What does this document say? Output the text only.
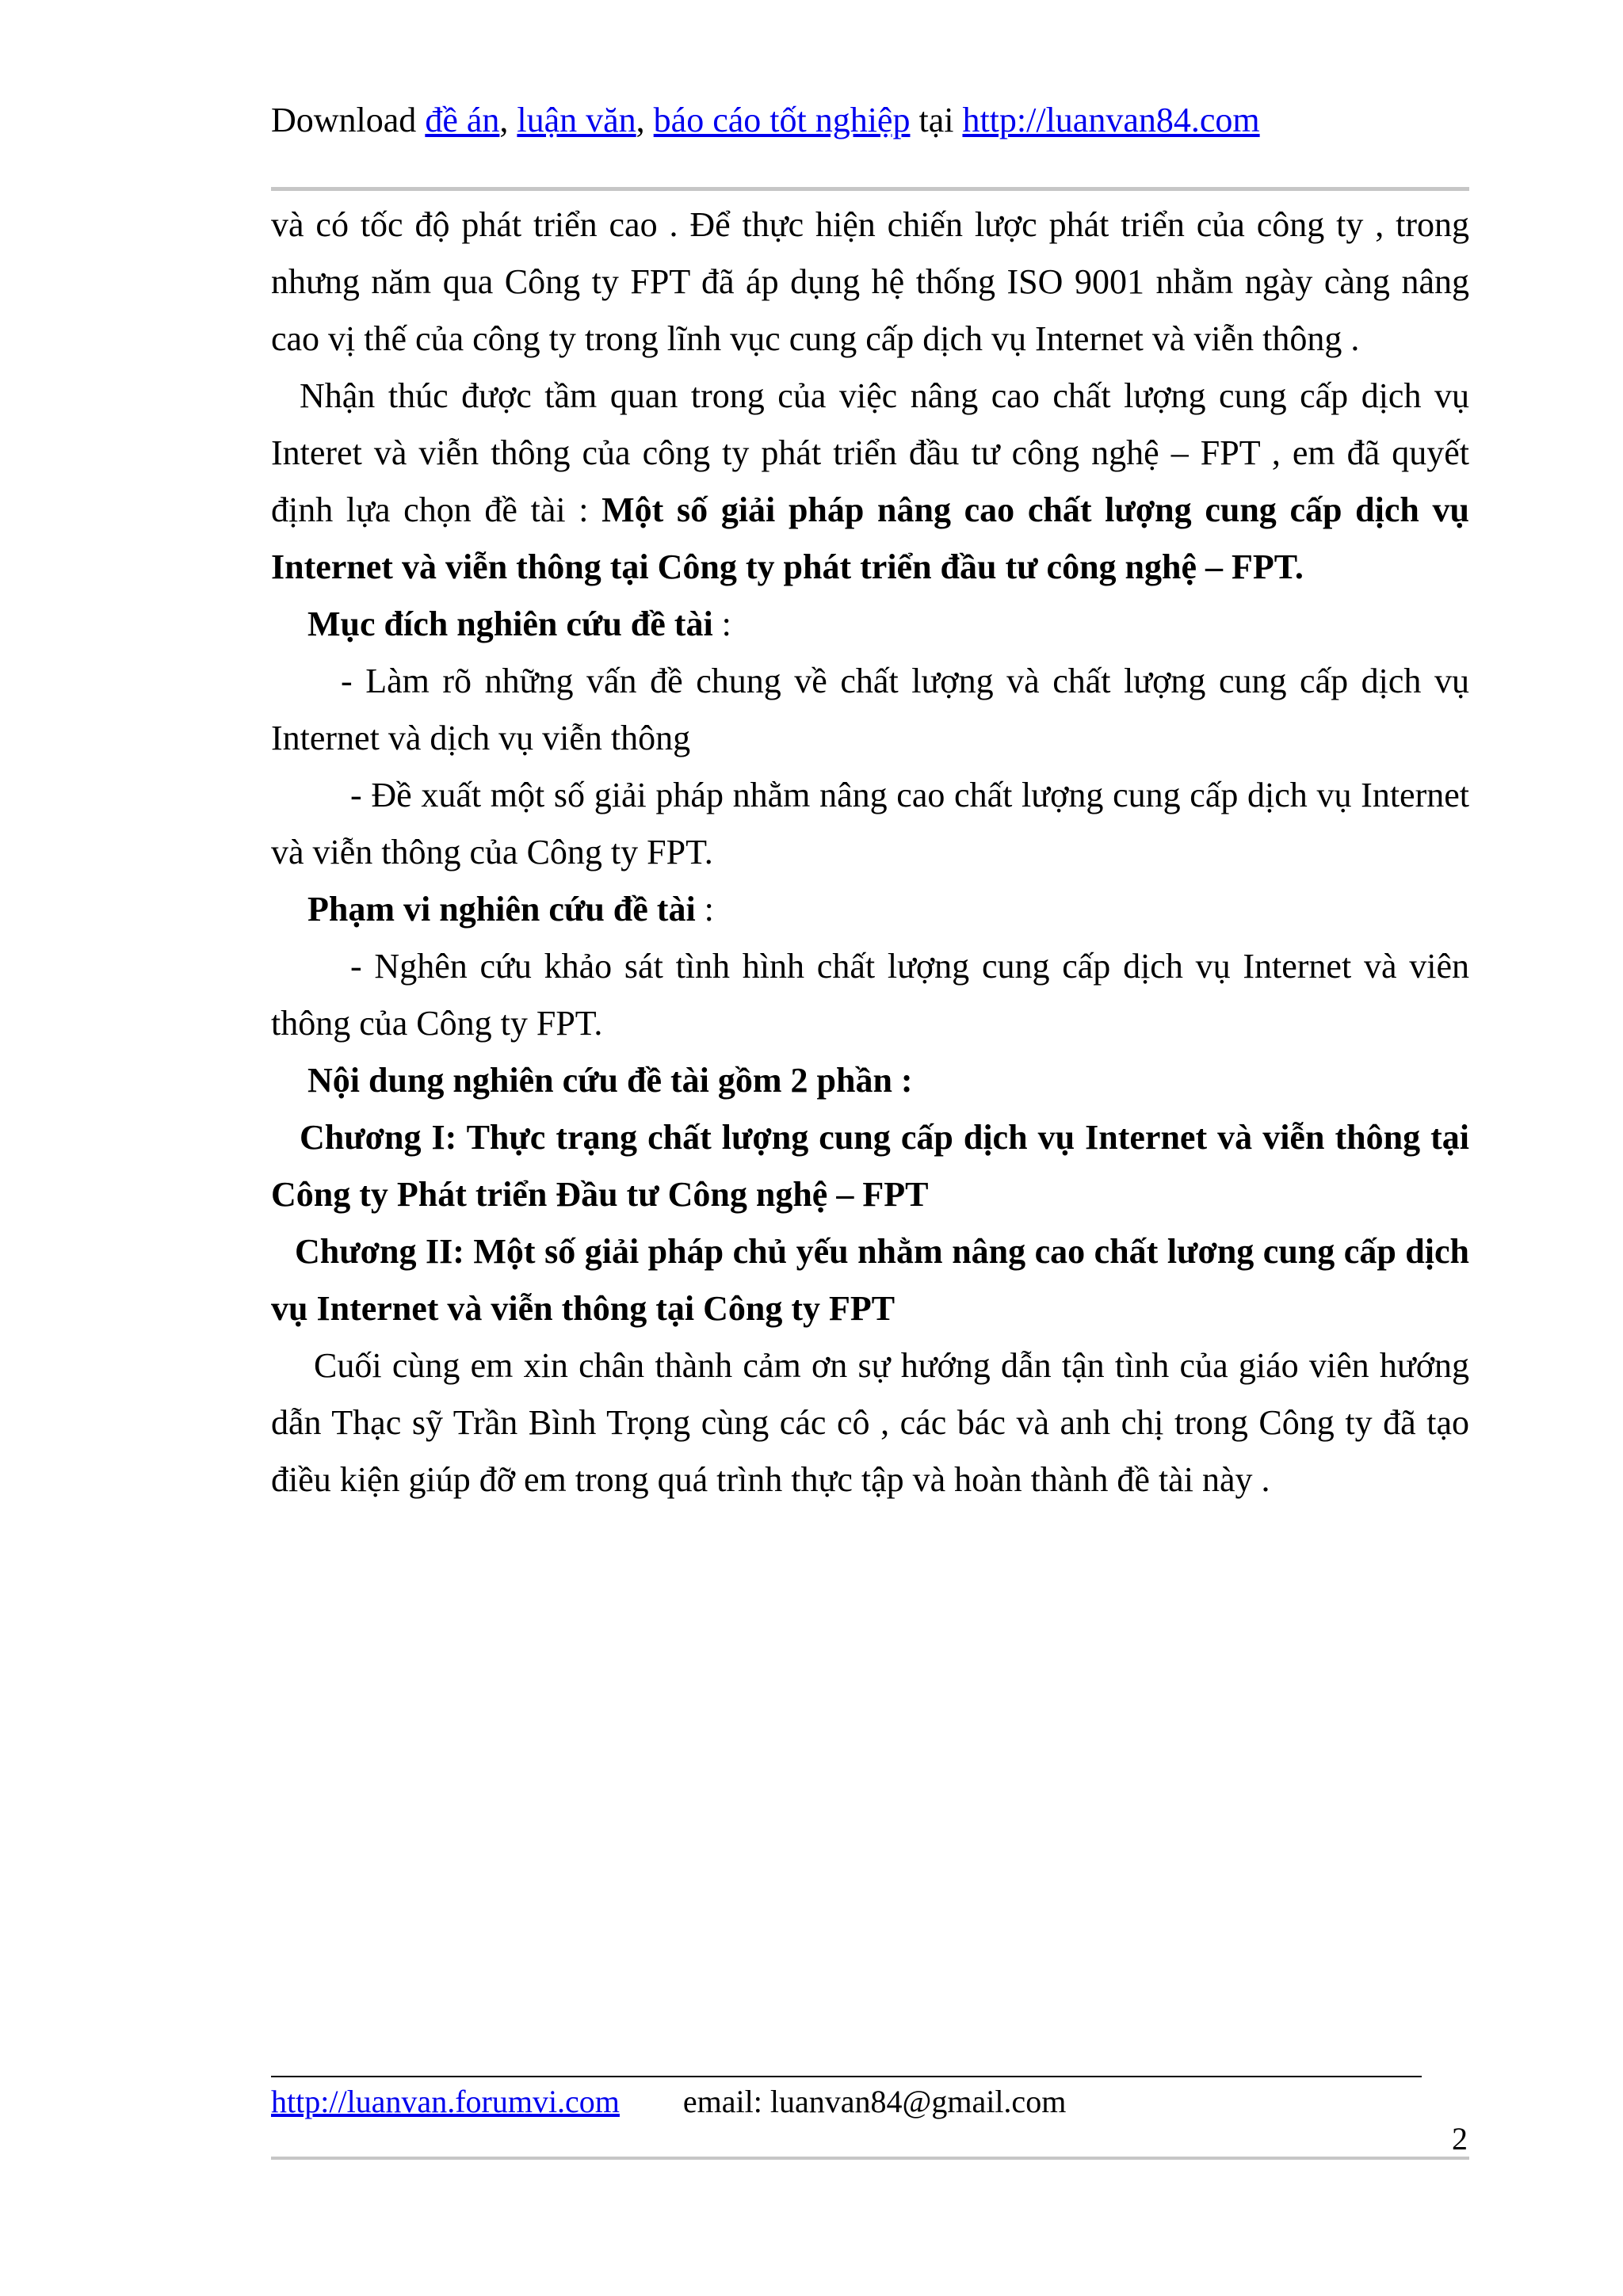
Download đề án, luận văn, báo cáo tốt nghiệp tại http://luanvan84.com

và có tốc độ phát triển cao . Để thực hiện chiến lược phát triển của công ty , trong nhưng năm qua Công ty FPT đã áp dụng hệ thống ISO 9001 nhằm ngày càng nâng cao vị thế của công ty trong lĩnh vục cung cấp dịch vụ Internet và viễn thông .

Nhận thúc được tầm quan trong của việc nâng cao chất lượng cung cấp dịch vụ Interet và viễn thông của công ty phát triển đầu tư công nghệ – FPT , em đã quyết định lựa chọn đề tài : Một số giải pháp nâng cao chất lượng cung cấp dịch vụ Internet và viễn thông tại Công ty phát triển đầu tư công nghệ – FPT.

Mục đích nghiên cứu đề tài :

- Làm rõ những vấn đề chung về chất lượng và chất lượng cung cấp dịch vụ Internet và dịch vụ viễn thông

- Đề xuất một số giải pháp nhằm nâng cao chất lượng cung cấp dịch vụ Internet và viễn thông của Công ty FPT.

Phạm vi nghiên cứu đề tài :

- Nghên cứu khảo sát tình hình chất lượng cung cấp dịch vụ Internet và viên thông của Công ty FPT.

Nội dung nghiên cứu đề tài gồm 2 phần :

Chương I: Thực trạng chất lượng cung cấp dịch vụ Internet và viễn thông tại Công ty Phát triển Đầu tư Công nghệ – FPT

Chương II: Một số giải pháp chủ yếu nhằm nâng cao chất lương cung cấp dịch vụ Internet và viễn thông tại Công ty FPT

Cuối cùng em xin chân thành cảm ơn sự hướng dẫn tận tình của giáo viên hướng dẫn Thạc sỹ Trần Bình Trọng cùng các cô , các bác và anh chị trong Công ty đã tạo điều kiện giúp đỡ em trong quá trình thực tập và hoàn thành đề tài này .

http://luanvan.forumvi.com email: luanvan84@gmail.com
2
